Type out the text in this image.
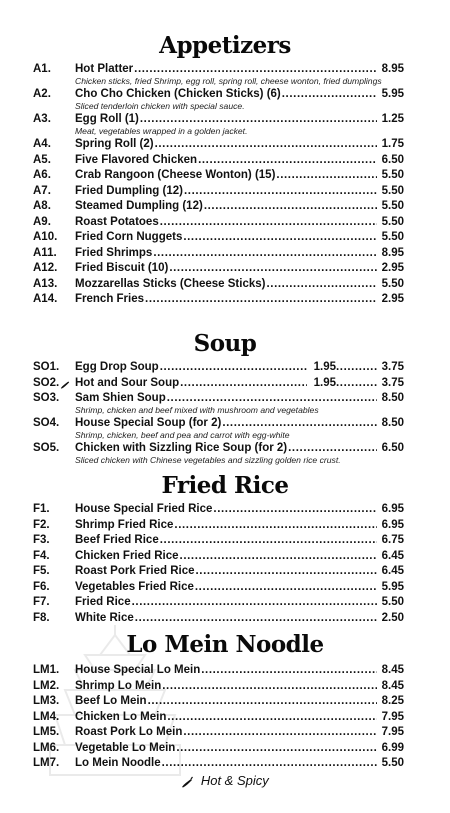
Appetizers
A1. Hot Platter .....	8.95
Chicken sticks, fried Shrimp, egg roll, spring roll, cheese wonton, fried dumplings
A2. Cho Cho Chicken (Chicken Sticks) (6) .....	5.95
Sliced tenderloin chicken with special sauce.
A3. Egg Roll (1) .....	1.25
Meat, vegetables wrapped in a golden jacket.
A4. Spring Roll (2) .....	1.75
A5. Five Flavored Chicken .....	6.50
A6. Crab Rangoon (Cheese Wonton) (15) .....	5.50
A7. Fried Dumpling (12) .....	5.50
A8. Steamed Dumpling (12) .....	5.50
A9. Roast Potatoes .....	5.50
A10. Fried Corn Nuggets .....	5.50
A11. Fried Shrimps .....	8.95
A12. Fried Biscuit (10) .....	2.95
A13. Mozzarellas Sticks (Cheese Sticks) .....	5.50
A14. French Fries .....	2.95
Soup
SO1. Egg Drop Soup .....	1.95 .....	3.75
SO2. Hot and Sour Soup .....	1.95 .....	3.75
SO3. Sam Shien Soup .....	8.50
Shrimp, chicken and beef mixed with mushroom and vegetables
SO4. House Special Soup (for 2) .....	8.50
Shrimp, chicken, beef and pea and carrot with egg-white
SO5. Chicken with Sizzling Rice Soup (for 2) .....	6.50
Sliced chicken with Chinese vegetables and sizzling golden rice crust.
Fried Rice
F1. House Special Fried Rice .....	6.95
F2. Shrimp Fried Rice .....	6.95
F3. Beef Fried Rice .....	6.75
F4. Chicken Fried Rice .....	6.45
F5. Roast Pork Fried Rice .....	6.45
F6. Vegetables Fried Rice .....	5.95
F7. Fried Rice .....	5.50
F8. White Rice .....	2.50
Lo Mein Noodle
LM1. House Special Lo Mein .....	8.45
LM2. Shrimp Lo Mein .....	8.45
LM3. Beef Lo Mein .....	8.25
LM4. Chicken Lo Mein .....	7.95
LM5. Roast Pork Lo Mein .....	7.95
LM6. Vegetable Lo Mein .....	6.99
LM7. Lo Mein Noodle .....	5.50
Hot & Spicy
